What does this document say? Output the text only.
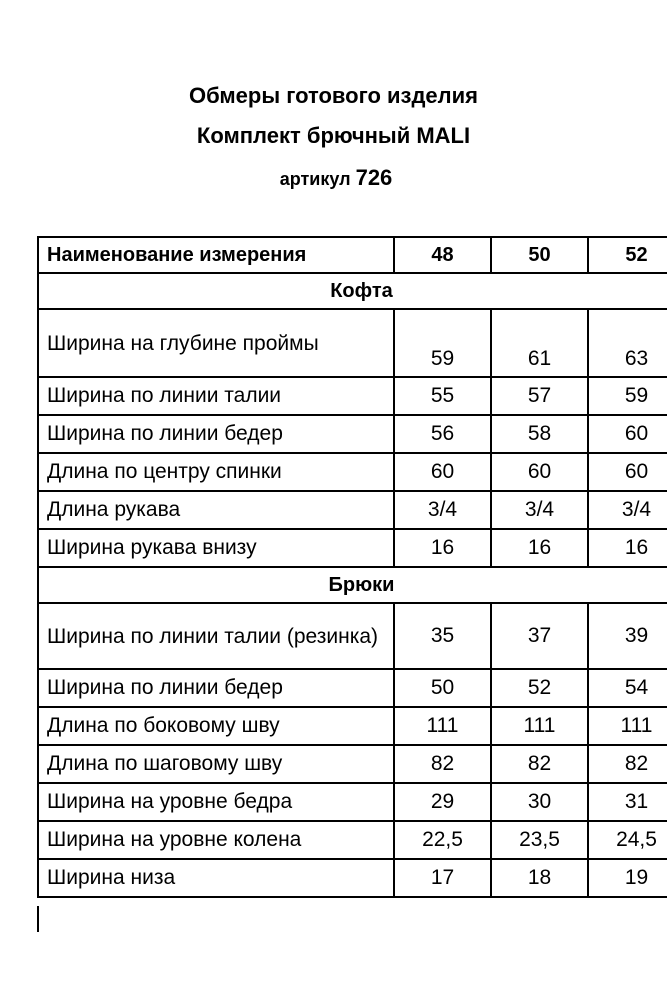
Обмеры готового изделия
Комплект брючный MALI
артикул 726
Наименование измерения	48	50	52
Кофта			
Ширина на глубине проймы	59	61	63
Ширина по линии талии	55	57	59
Ширина по линии бедер	56	58	60
Длина по центру спинки	60	60	60
Длина рукава	3/4	3/4	3/4
Ширина рукава внизу	16	16	16
Брюки			
Ширина по линии талии (резинка)	35	37	39
Ширина по линии бедер	50	52	54
Длина по боковому шву	111	111	111
Длина по шаговому шву	82	82	82
Ширина на уровне бедра	29	30	31
Ширина на уровне колена	22,5	23,5	24,5
Ширина низа	17	18	19
